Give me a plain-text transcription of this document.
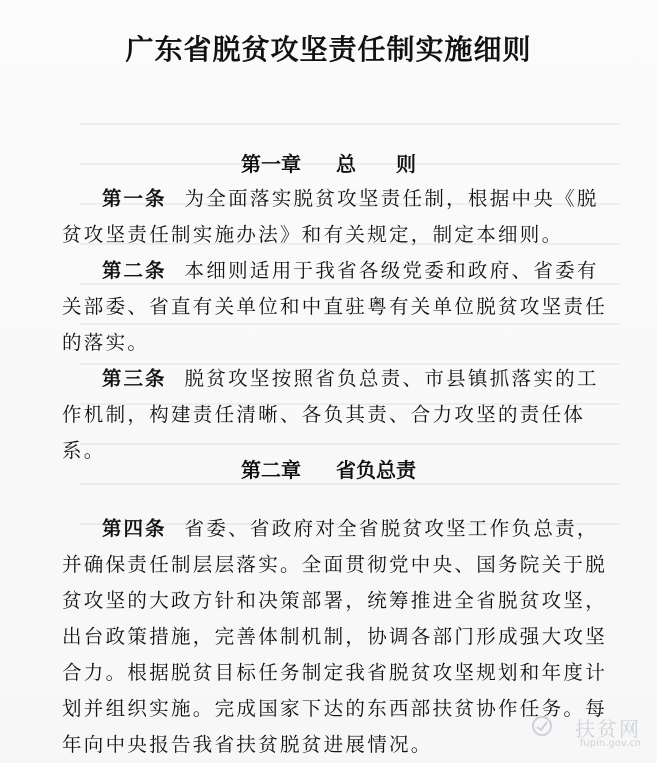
广东省脱贫攻坚责任制实施细则
第一章 总　　则
第一条 为全面落实脱贫攻坚责任制，根据中央《脱贫攻坚责任制实施办法》和有关规定，制定本细则。
第二条 本细则适用于我省各级党委和政府、省委有关部委、省直有关单位和中直驻粤有关单位脱贫攻坚责任的落实。
第三条 脱贫攻坚按照省负总责、市县镇抓落实的工作机制，构建责任清晰、各负其责、合力攻坚的责任体系。
第二章 省负总责
第四条 省委、省政府对全省脱贫攻坚工作负总责，并确保责任制层层落实。全面贯彻党中央、国务院关于脱贫攻坚的大政方针和决策部署，统筹推进全省脱贫攻坚，出台政策措施，完善体制机制，协调各部门形成强大攻坚合力。根据脱贫目标任务制定我省脱贫攻坚规划和年度计划并组织实施。完成国家下达的东西部扶贫协作任务。每年向中央报告我省扶贫脱贫进展情况。
扶贫网
fupin.gov.cn
